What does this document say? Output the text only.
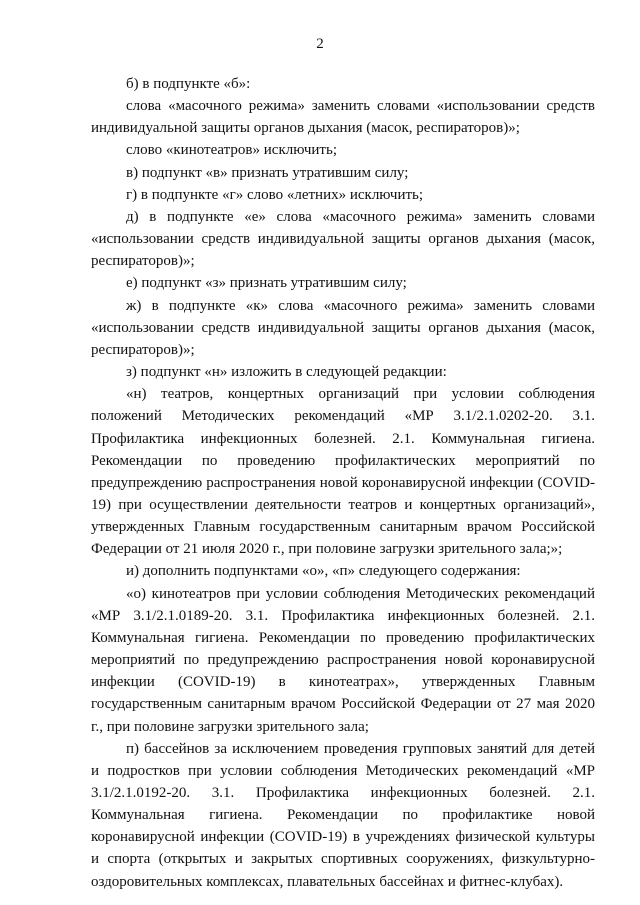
2

б) в подпункте «б»:

слова «масочного режима» заменить словами «использовании средств индивидуальной защиты органов дыхания (масок, респираторов)»;

слово «кинотеатров» исключить;

в) подпункт «в» признать утратившим силу;

г) в подпункте «г» слово «летних» исключить;

д) в подпункте «е» слова «масочного режима» заменить словами «использовании средств индивидуальной защиты органов дыхания (масок, респираторов)»;

е) подпункт «з» признать утратившим силу;

ж) в подпункте «к» слова «масочного режима» заменить словами «использовании средств индивидуальной защиты органов дыхания (масок, респираторов)»;

з) подпункт «н» изложить в следующей редакции:

«н) театров, концертных организаций при условии соблюдения положений Методических рекомендаций «МР 3.1/2.1.0202-20. 3.1. Профилактика инфекционных болезней. 2.1. Коммунальная гигиена. Рекомендации по проведению профилактических мероприятий по предупреждению распространения новой коронавирусной инфекции (COVID-19) при осуществлении деятельности театров и концертных организаций», утвержденных Главным государственным санитарным врачом Российской Федерации от 21 июля 2020 г., при половине загрузки зрительного зала;»;

и) дополнить подпунктами «о», «п» следующего содержания:

«о) кинотеатров при условии соблюдения Методических рекомендаций «МР 3.1/2.1.0189-20. 3.1. Профилактика инфекционных болезней. 2.1. Коммунальная гигиена. Рекомендации по проведению профилактических мероприятий по предупреждению распространения новой коронавирусной инфекции (COVID-19) в кинотеатрах», утвержденных Главным государственным санитарным врачом Российской Федерации от 27 мая 2020 г., при половине загрузки зрительного зала;

п) бассейнов за исключением проведения групповых занятий для детей и подростков при условии соблюдения Методических рекомендаций «МР 3.1/2.1.0192-20. 3.1. Профилактика инфекционных болезней. 2.1. Коммунальная гигиена. Рекомендации по профилактике новой коронавирусной инфекции (COVID-19) в учреждениях физической культуры и спорта (открытых и закрытых спортивных сооружениях, физкультурно-оздоровительных комплексах, плавательных бассейнах и фитнес-клубах).
